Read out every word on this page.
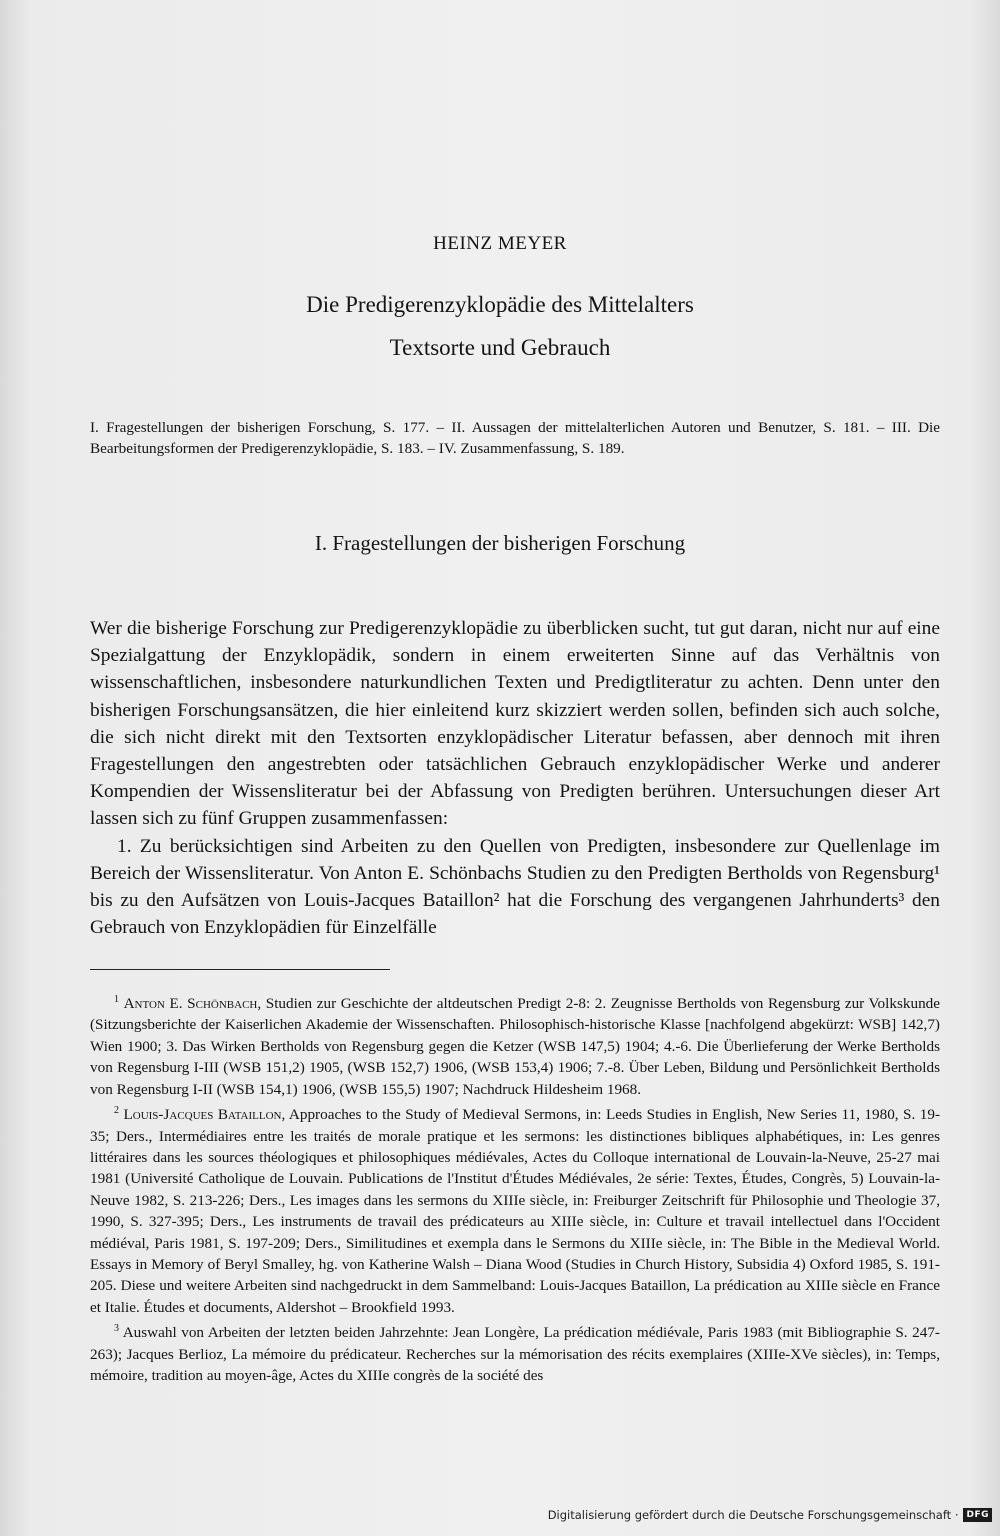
HEINZ MEYER
Die Predigerenzyklopädie des Mittelalters
Textsorte und Gebrauch
I. Fragestellungen der bisherigen Forschung, S. 177. – II. Aussagen der mittelalterlichen Autoren und Benutzer, S. 181. – III. Die Bearbeitungsformen der Predigerenzyklopädie, S. 183. – IV. Zusammenfassung, S. 189.
I. Fragestellungen der bisherigen Forschung

Wer die bisherige Forschung zur Predigerenzyklopädie zu überblicken sucht, tut gut daran, nicht nur auf eine Spezialgattung der Enzyklopädik, sondern in einem erweiterten Sinne auf das Verhältnis von wissenschaftlichen, insbesondere naturkundlichen Texten und Predigtliteratur zu achten. Denn unter den bisherigen Forschungsansätzen, die hier einleitend kurz skizziert werden sollen, befinden sich auch solche, die sich nicht direkt mit den Textsorten enzyklopädischer Literatur befassen, aber dennoch mit ihren Fragestellungen den angestrebten oder tatsächlichen Gebrauch enzyklopädischer Werke und anderer Kompendien der Wissensliteratur bei der Abfassung von Predigten berühren. Untersuchungen dieser Art lassen sich zu fünf Gruppen zusammenfassen:

1. Zu berücksichtigen sind Arbeiten zu den Quellen von Predigten, insbesondere zur Quellenlage im Bereich der Wissensliteratur. Von Anton E. Schönbachs Studien zu den Predigten Bertholds von Regensburg¹ bis zu den Aufsätzen von Louis-Jacques Bataillon² hat die Forschung des vergangenen Jahrhunderts³ den Gebrauch von Enzyklopädien für Einzelfälle

$^1$ Anton E. Schönbach, Studien zur Geschichte der altdeutschen Predigt 2-8: 2. Zeugnisse Bertholds von Regensburg zur Volkskunde (Sitzungsberichte der Kaiserlichen Akademie der Wissenschaften. Philosophisch-historische Klasse [nachfolgend abgekürzt: WSB] 142,7) Wien 1900; 3. Das Wirken Bertholds von Regensburg gegen die Ketzer (WSB 147,5) 1904; 4.-6. Die Überlieferung der Werke Bertholds von Regensburg I-III (WSB 151,2) 1905, (WSB 152,7) 1906, (WSB 153,4) 1906; 7.-8. Über Leben, Bildung und Persönlichkeit Bertholds von Regensburg I-II (WSB 154,1) 1906, (WSB 155,5) 1907; Nachdruck Hildesheim 1968.

$^2$ Louis-Jacques Bataillon, Approaches to the Study of Medieval Sermons, in: Leeds Studies in English, New Series 11, 1980, S. 19-35; Ders., Intermédiaires entre les traités de morale pratique et les sermons: les distinctiones bibliques alphabétiques, in: Les genres littéraires dans les sources théologiques et philosophiques médiévales, Actes du Colloque international de Louvain-la-Neuve, 25-27 mai 1981 (Université Catholique de Louvain. Publications de l'Institut d'Études Médiévales, 2e série: Textes, Études, Congrès, 5) Louvain-la-Neuve 1982, S. 213-226; Ders., Les images dans les sermons du XIIIe siècle, in: Freiburger Zeitschrift für Philosophie und Theologie 37, 1990, S. 327-395; Ders., Les instruments de travail des prédicateurs au XIIIe siècle, in: Culture et travail intellectuel dans l'Occident médiéval, Paris 1981, S. 197-209; Ders., Similitudines et exempla dans le Sermons du XIIIe siècle, in: The Bible in the Medieval World. Essays in Memory of Beryl Smalley, hg. von Katherine Walsh – Diana Wood (Studies in Church History, Subsidia 4) Oxford 1985, S. 191-205. Diese und weitere Arbeiten sind nachgedruckt in dem Sammelband: Louis-Jacques Bataillon, La prédication au XIIIe siècle en France et Italie. Études et documents, Aldershot – Brookfield 1993.

$^3$ Auswahl von Arbeiten der letzten beiden Jahrzehnte: Jean Longère, La prédication médiévale, Paris 1983 (mit Bibliographie S. 247-263); Jacques Berlioz, La mémoire du prédicateur. Recherches sur la mémorisation des récits exemplaires (XIIIe-XVe siècles), in: Temps, mémoire, tradition au moyen-âge, Actes du XIIIe congrès de la société des

Digitalisierung gefördert durch die Deutsche Forschungsgemeinschaft · DFG
